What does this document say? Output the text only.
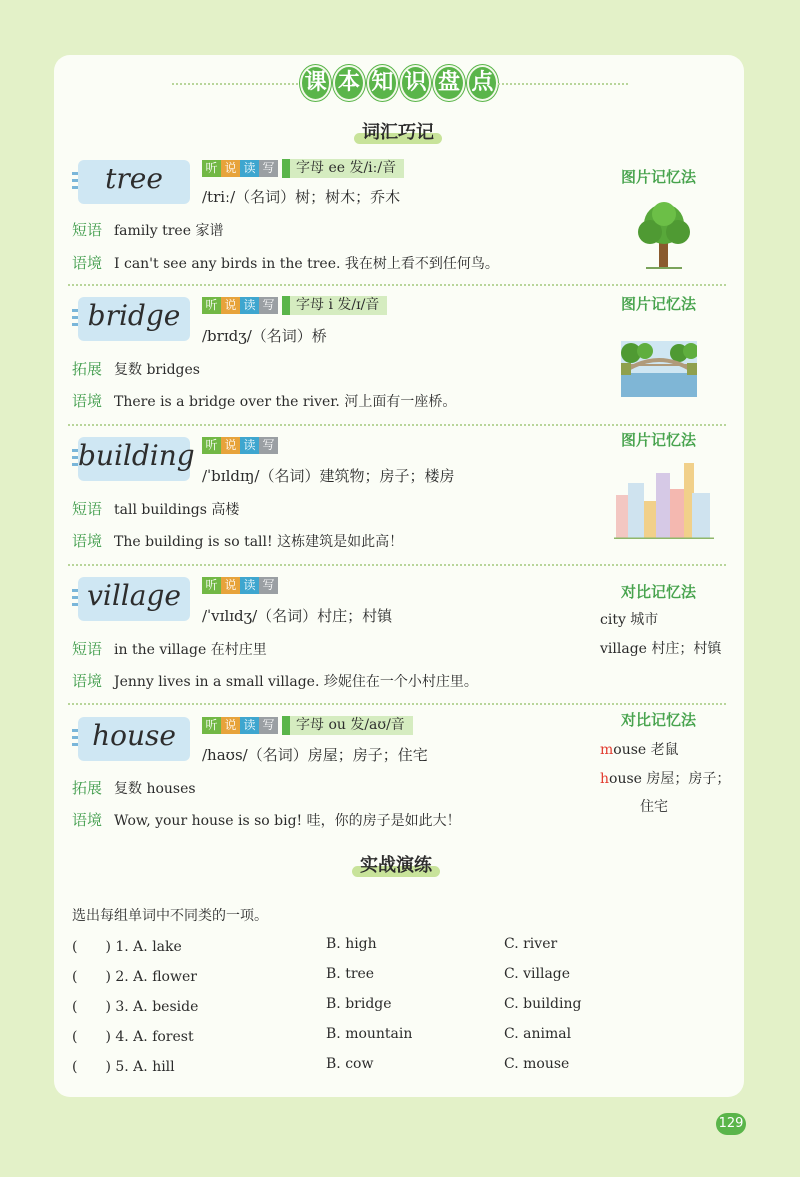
课 本 知 识 盘 点
词汇巧记
tree	听 说 读 写	字母 ee 发/iː/音
/triː/（名词）树；树木；乔木
短语 family tree 家谱
语境 I can't see any birds in the tree. 我在树上看不到任何鸟。
图片记忆法
bridge	听 说 读 写	字母 i 发/ɪ/音
/brɪdʒ/（名词）桥
拓展 复数 bridges
语境 There is a bridge over the river. 河上面有一座桥。
图片记忆法
building 听 说 读 写
/ˈbɪldɪŋ/（名词）建筑物；房子；楼房
短语 tall buildings 高楼
语境 The building is so tall! 这栋建筑是如此高！
图片记忆法
village	听 说 读 写
/ˈvɪlɪdʒ/（名词）村庄；村镇
短语 in the village 在村庄里
语境 Jenny lives in a small village. 珍妮住在一个小村庄里。
对比记忆法
city 城市
village 村庄；村镇
house	听 说 读 写	字母 ou 发/aʊ/音
/haʊs/（名词）房屋；房子；住宅
拓展 复数 houses
语境 Wow, your house is so big! 哇，你的房子是如此大！
对比记忆法
mouse 老鼠
house 房屋；房子；
住宅
实战演练
选出每组单词中不同类的一项。
(　　) 1. A. lake	B. high	C. river
(　　) 2. A. flower	B. tree	C. village
(　　) 3. A. beside	B. bridge	C. building
(　　) 4. A. forest	B. mountain	C. animal
(　　) 5. A. hill	B. cow	C. mouse
129
